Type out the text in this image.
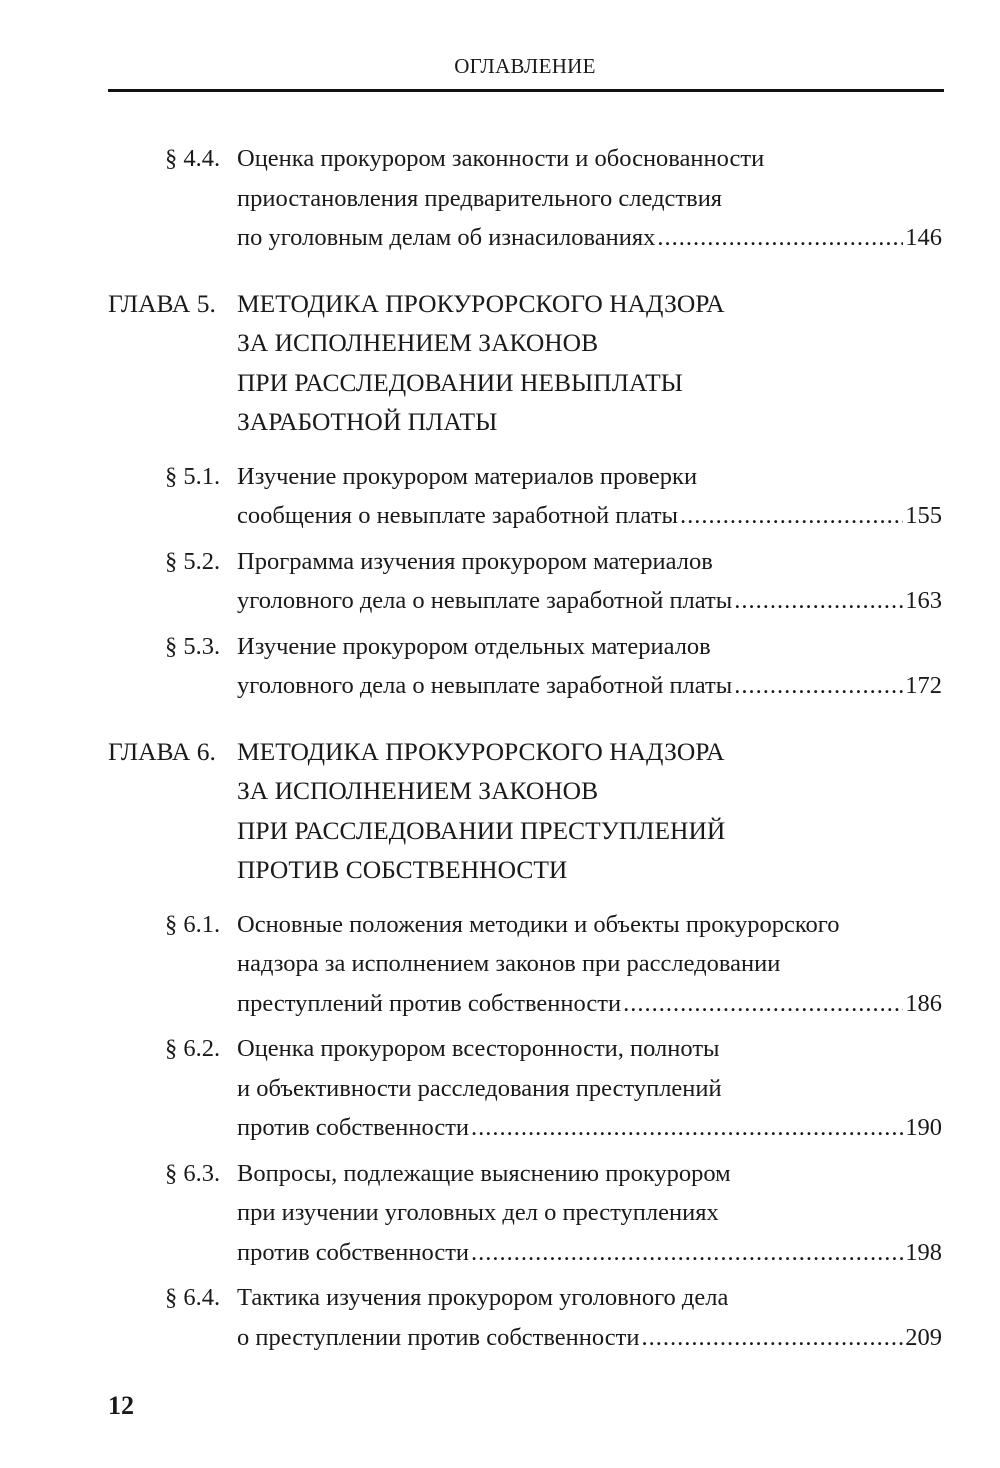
ОГЛАВЛЕНИЕ
§ 4.4. Оценка прокурором законности и обоснованности
приостановления предварительного следствия
по уголовным делам об изнасилованиях .....	146
ГЛАВА 5. МЕТОДИКА ПРОКУРОРСКОГО НАДЗОРА
ЗА ИСПОЛНЕНИЕМ ЗАКОНОВ
ПРИ РАССЛЕДОВАНИИ НЕВЫПЛАТЫ
ЗАРАБОТНОЙ ПЛАТЫ
§ 5.1. Изучение прокурором материалов проверки
сообщения о невыплате заработной платы .....	155
§ 5.2. Программа изучения прокурором материалов
уголовного дела о невыплате заработной платы .....	163
§ 5.3. Изучение прокурором отдельных материалов
уголовного дела о невыплате заработной платы .....	172
ГЛАВА 6. МЕТОДИКА ПРОКУРОРСКОГО НАДЗОРА
ЗА ИСПОЛНЕНИЕМ ЗАКОНОВ
ПРИ РАССЛЕДОВАНИИ ПРЕСТУПЛЕНИЙ
ПРОТИВ СОБСТВЕННОСТИ
§ 6.1. Основные положения методики и объекты прокурорского
надзора за исполнением законов при расследовании
преступлений против собственности .....	186
§ 6.2. Оценка прокурором всесторонности, полноты
и объективности расследования преступлений
против собственности .....	190
§ 6.3. Вопросы, подлежащие выяснению прокурором
при изучении уголовных дел о преступлениях
против собственности .....	198
§ 6.4. Тактика изучения прокурором уголовного дела
о преступлении против собственности .....	209
12
